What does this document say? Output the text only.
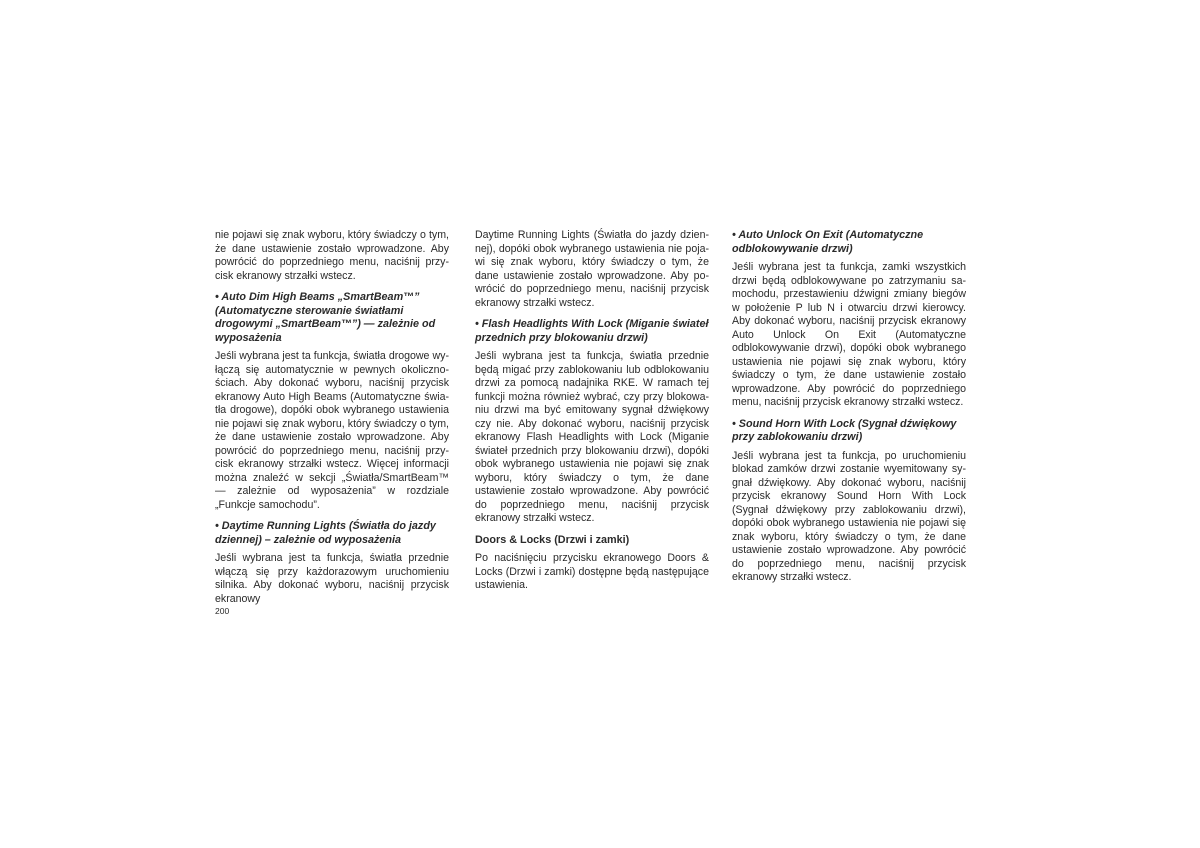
nie pojawi się znak wyboru, który świadczy o tym, że dane ustawienie zostało wprowadzone. Aby powrócić do poprzedniego menu, naciśnij przycisk ekranowy strzałki wstecz.

• Auto Dim High Beams „SmartBeam™” (Automatyczne sterowanie światłami drogowymi „SmartBeam™”) — zależnie od wyposażenia

Jeśli wybrana jest ta funkcja, światła drogowe wyłączą się automatycznie w pewnych okolicznościach. Aby dokonać wyboru, naciśnij przycisk ekranowy Auto High Beams (Automatyczne światła drogowe), dopóki obok wybranego ustawienia nie pojawi się znak wyboru, który świadczy o tym, że dane ustawienie zostało wprowadzone. Aby powrócić do poprzedniego menu, naciśnij przycisk ekranowy strzałki wstecz. Więcej informacji można znaleźć w sekcji „Światła/SmartBeam™ — zależnie od wyposażenia” w rozdziale „Funkcje samochodu”.

• Daytime Running Lights (Światła do jazdy dziennej) – zależnie od wyposażenia

Jeśli wybrana jest ta funkcja, światła przednie włączą się przy każdorazowym uruchomieniu silnika. Aby dokonać wyboru, naciśnij przycisk ekranowy

Daytime Running Lights (Światła do jazdy dziennej), dopóki obok wybranego ustawienia nie pojawi się znak wyboru, który świadczy o tym, że dane ustawienie zostało wprowadzone. Aby powrócić do poprzedniego menu, naciśnij przycisk ekranowy strzałki wstecz.

• Flash Headlights With Lock (Miganie świateł przednich przy blokowaniu drzwi)

Jeśli wybrana jest ta funkcja, światła przednie będą migać przy zablokowaniu lub odblokowaniu drzwi za pomocą nadajnika RKE. W ramach tej funkcji można również wybrać, czy przy blokowaniu drzwi ma być emitowany sygnał dźwiękowy czy nie. Aby dokonać wyboru, naciśnij przycisk ekranowy Flash Headlights with Lock (Miganie świateł przednich przy blokowaniu drzwi), dopóki obok wybranego ustawienia nie pojawi się znak wyboru, który świadczy o tym, że dane ustawienie zostało wprowadzone. Aby powrócić do poprzedniego menu, naciśnij przycisk ekranowy strzałki wstecz.

Doors & Locks (Drzwi i zamki)

Po naciśnięciu przycisku ekranowego Doors & Locks (Drzwi i zamki) dostępne będą następujące ustawienia.

• Auto Unlock On Exit (Automatyczne odblokowywanie drzwi)

Jeśli wybrana jest ta funkcja, zamki wszystkich drzwi będą odblokowywane po zatrzymaniu samochodu, przestawieniu dźwigni zmiany biegów w położenie P lub N i otwarciu drzwi kierowcy. Aby dokonać wyboru, naciśnij przycisk ekranowy Auto Unlock On Exit (Automatyczne odblokowywanie drzwi), dopóki obok wybranego ustawienia nie pojawi się znak wyboru, który świadczy o tym, że dane ustawienie zostało wprowadzone. Aby powrócić do poprzedniego menu, naciśnij przycisk ekranowy strzałki wstecz.

• Sound Horn With Lock (Sygnał dźwiękowy przy zablokowaniu drzwi)

Jeśli wybrana jest ta funkcja, po uruchomieniu blokad zamków drzwi zostanie wyemitowany sygnał dźwiękowy. Aby dokonać wyboru, naciśnij przycisk ekranowy Sound Horn With Lock (Sygnał dźwiękowy przy zablokowaniu drzwi), dopóki obok wybranego ustawienia nie pojawi się znak wyboru, który świadczy o tym, że dane ustawienie zostało wprowadzone. Aby powrócić do poprzedniego menu, naciśnij przycisk ekranowy strzałki wstecz.

200
